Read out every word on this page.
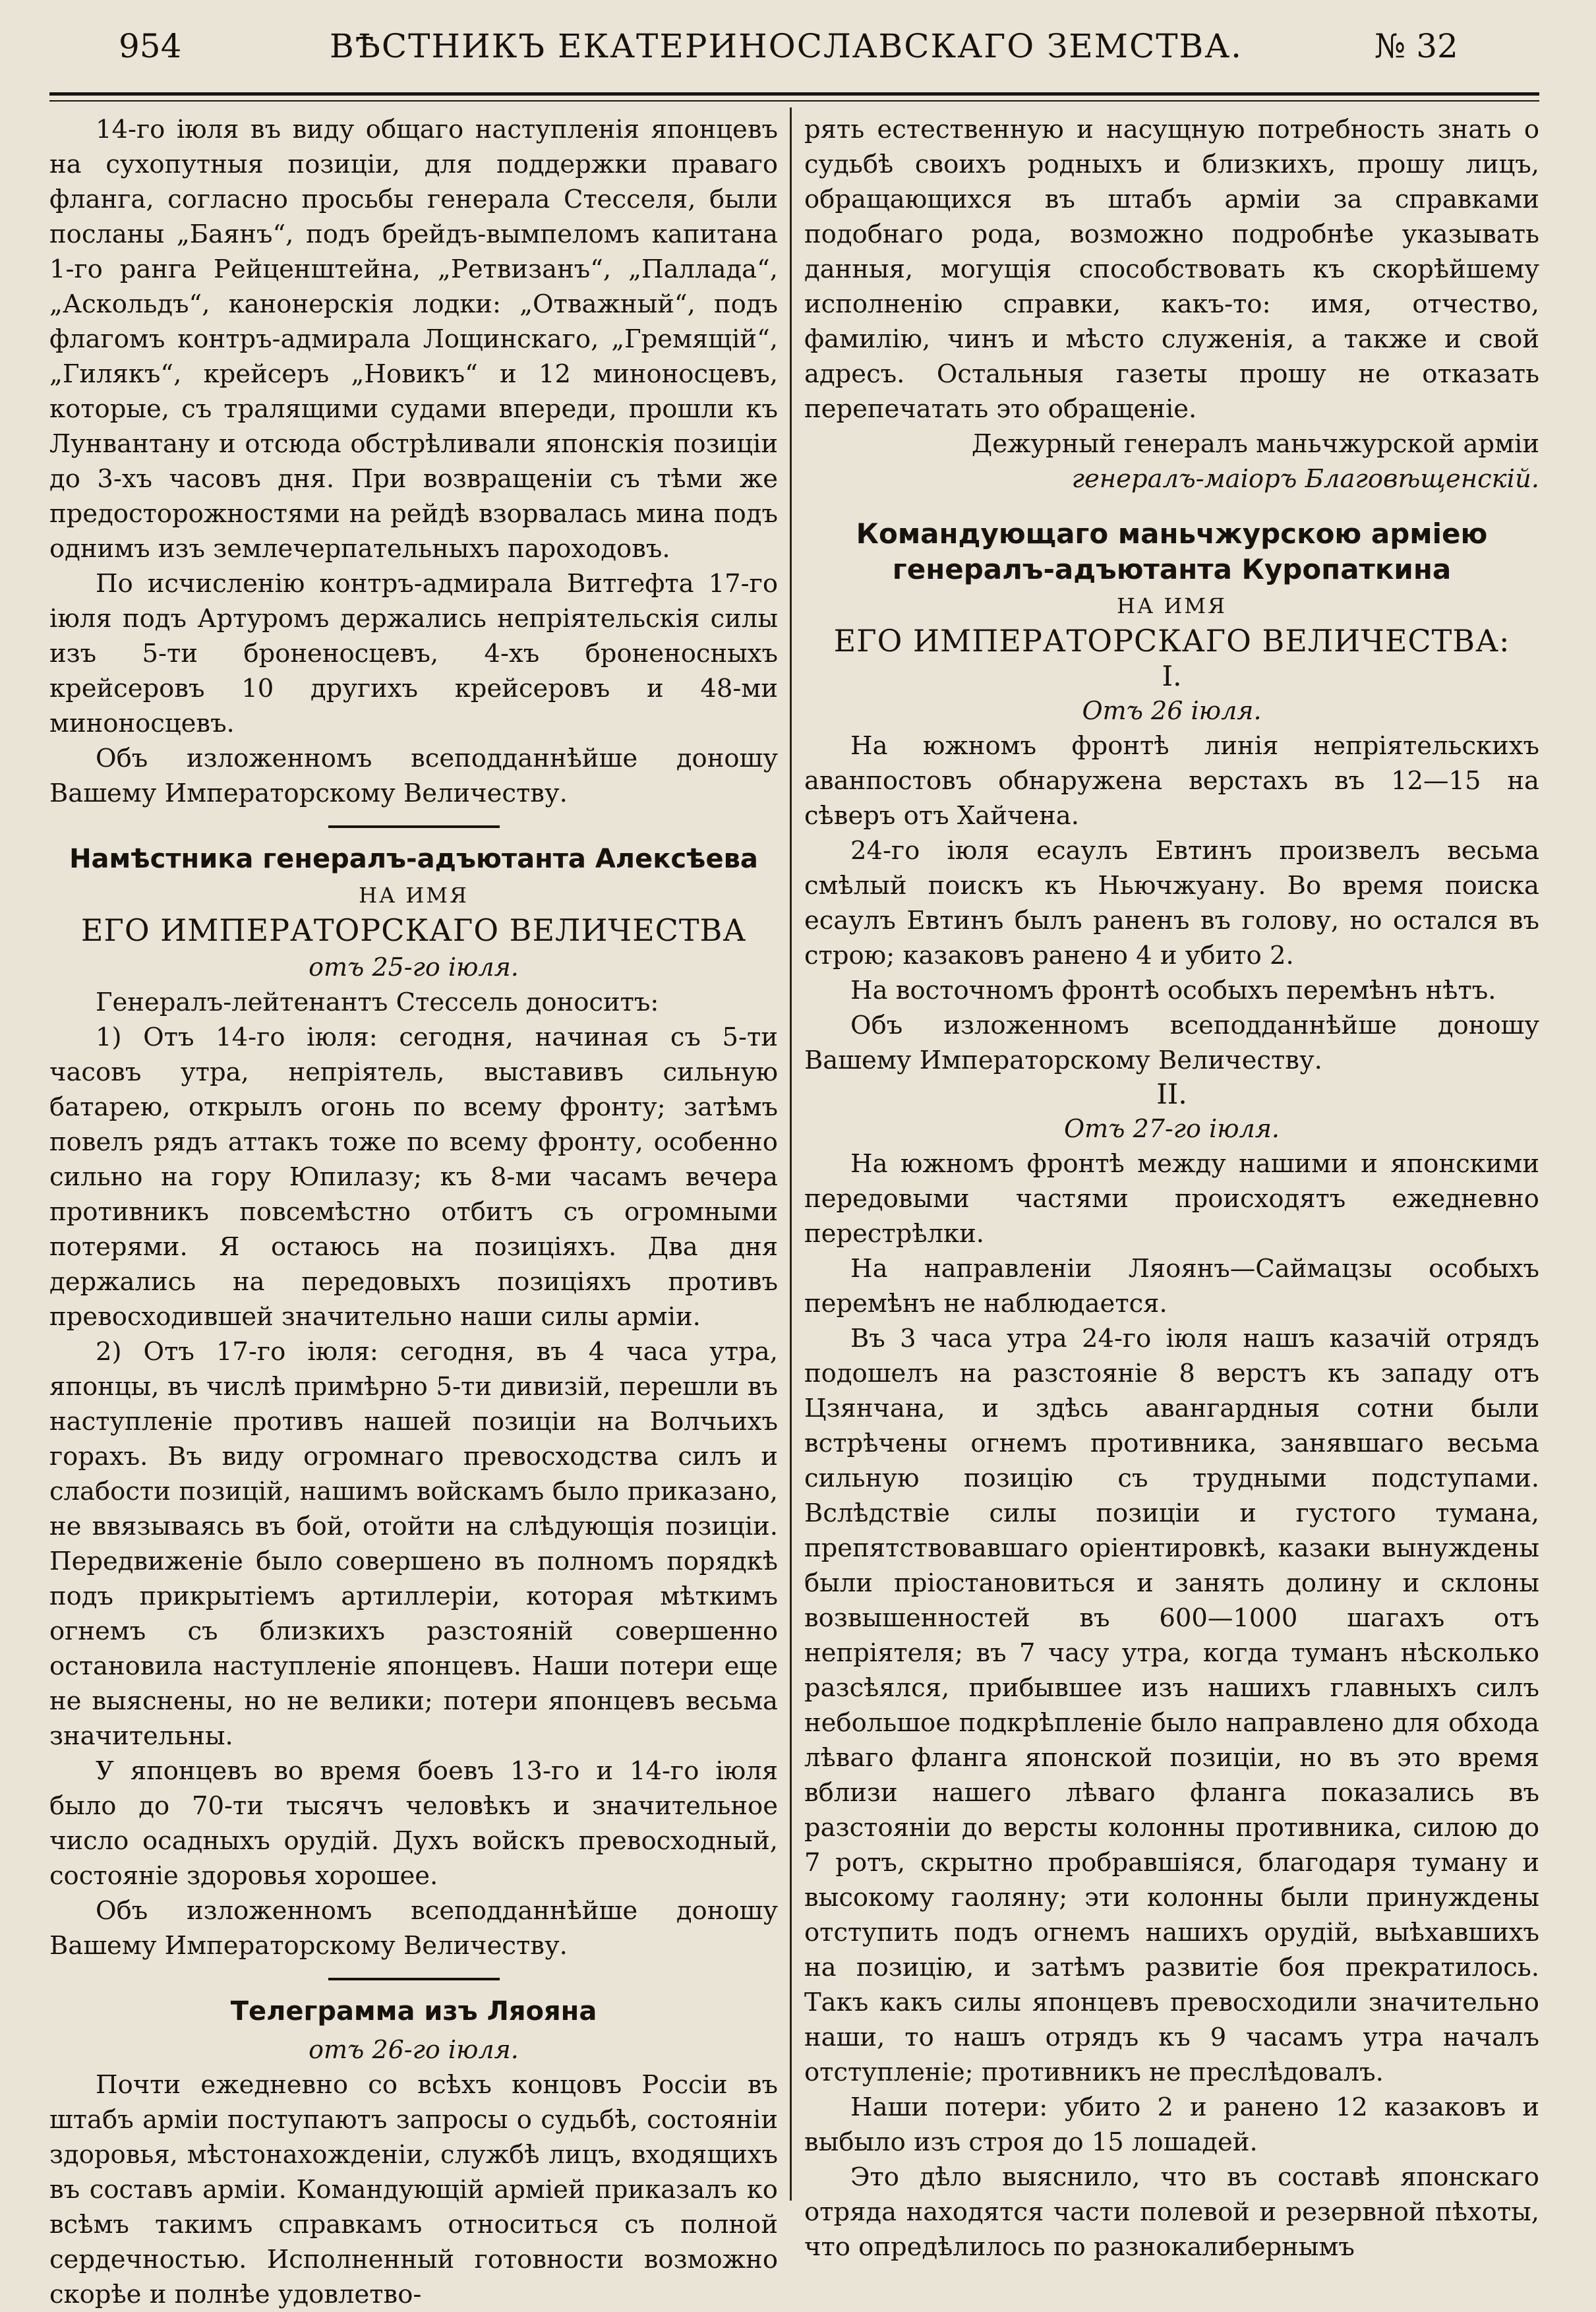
954	ВѢСТНИКЪ ЕКАТЕРИНОСЛАВСКАГО ЗЕМСТВА.	№ 32

14-го іюля въ виду общаго наступленія японцевъ на сухопутныя позиціи, для поддержки праваго фланга, согласно просьбы генерала Стесселя, были посланы „Баянъ“, подъ брейдъ-вымпеломъ капитана 1-го ранга Рейценштейна, „Ретвизанъ“, „Паллада“, „Аскольдъ“, канонерскія лодки: „Отважный“, подъ флагомъ контръ-адмирала Лощинскаго, „Гремящій“, „Гилякъ“, крейсеръ „Новикъ“ и 12 миноносцевъ, которые, съ тралящими судами впереди, прошли къ Лунвантану и отсюда обстрѣливали японскія позиціи до 3-хъ часовъ дня. При возвращеніи съ тѣми же предосторожностями на рейдѣ взорвалась мина подъ однимъ изъ землечерпательныхъ пароходовъ.

По исчисленію контръ-адмирала Витгефта 17-го іюля подъ Артуромъ держались непріятельскія силы изъ 5-ти броненосцевъ, 4-хъ броненосныхъ крейсеровъ 10 другихъ крейсеровъ и 48-ми миноносцевъ.

Объ изложенномъ всеподданнѣйше доношу Вашему Императорскому Величеству.

Намѣстника генералъ-адъютанта Алексѣева
НА ИМЯ
ЕГО ИМПЕРАТОРСКАГО ВЕЛИЧЕСТВА
отъ 25-го іюля.

Генералъ-лейтенантъ Стессель доноситъ:

1) Отъ 14-го іюля: сегодня, начиная съ 5-ти часовъ утра, непріятель, выставивъ сильную батарею, открылъ огонь по всему фронту; затѣмъ повелъ рядъ аттакъ тоже по всему фронту, особенно сильно на гору Юпилазу; къ 8-ми часамъ вечера противникъ повсемѣстно отбитъ съ огромными потерями. Я остаюсь на позиціяхъ. Два дня держались на передовыхъ позиціяхъ противъ превосходившей значительно наши силы арміи.

2) Отъ 17-го іюля: сегодня, въ 4 часа утра, японцы, въ числѣ примѣрно 5-ти дивизій, перешли въ наступленіе противъ нашей позиціи на Волчьихъ горахъ. Въ виду огромнаго превосходства силъ и слабости позицій, нашимъ войскамъ было приказано, не ввязываясь въ бой, отойти на слѣдующія позиціи. Передвиженіе было совершено въ полномъ порядкѣ подъ прикрытіемъ артиллеріи, которая мѣткимъ огнемъ съ близкихъ разстояній совершенно остановила наступленіе японцевъ. Наши потери еще не выяснены, но не велики; потери японцевъ весьма значительны.

У японцевъ во время боевъ 13-го и 14-го іюля было до 70-ти тысячъ человѣкъ и значительное число осадныхъ орудій. Духъ войскъ превосходный, состояніе здоровья хорошее.

Объ изложенномъ всеподданнѣйше доношу Вашему Императорскому Величеству.

Телеграмма изъ Ляояна
отъ 26-го іюля.

Почти ежедневно со всѣхъ концовъ Россіи въ штабъ арміи поступаютъ запросы о судьбѣ, состояніи здоровья, мѣстонахожденіи, службѣ лицъ, входящихъ въ составъ арміи. Командующій арміей приказалъ ко всѣмъ такимъ справкамъ относиться съ полной сердечностью. Исполненный готовности возможно скорѣе и полнѣе удовлетво-

рять естественную и насущную потребность знать о судьбѣ своихъ родныхъ и близкихъ, прошу лицъ, обращающихся въ штабъ арміи за справками подобнаго рода, возможно подробнѣе указывать данныя, могущія способствовать къ скорѣйшему исполненію справки, какъ-то: имя, отчество, фамилію, чинъ и мѣсто служенія, а также и свой адресъ. Остальныя газеты прошу не отказать перепечатать это обращеніе.

Дежурный генералъ маньчжурской арміи

генералъ-маіоръ Благовѣщенскій.

Командующаго маньчжурскою арміею генералъ-адъютанта Куропаткина
НА ИМЯ
ЕГО ИМПЕРАТОРСКАГО ВЕЛИЧЕСТВА:
I.
Отъ 26 іюля.

На южномъ фронтѣ линія непріятельскихъ аванпостовъ обнаружена верстахъ въ 12—15 на сѣверъ отъ Хайчена.

24-го іюля есаулъ Евтинъ произвелъ весьма смѣлый поискъ къ Ньючжуану. Во время поиска есаулъ Евтинъ былъ раненъ въ голову, но остался въ строю; казаковъ ранено 4 и убито 2.

На восточномъ фронтѣ особыхъ перемѣнъ нѣтъ.

Объ изложенномъ всеподданнѣйше доношу Вашему Императорскому Величеству.

II.
Отъ 27-го іюля.

На южномъ фронтѣ между нашими и японскими передовыми частями происходятъ ежедневно перестрѣлки.

На направленіи Ляоянъ—Саймацзы особыхъ перемѣнъ не наблюдается.

Въ 3 часа утра 24-го іюля нашъ казачій отрядъ подошелъ на разстояніе 8 верстъ къ западу отъ Цзянчана, и здѣсь авангардныя сотни были встрѣчены огнемъ противника, занявшаго весьма сильную позицію съ трудными подступами. Вслѣдствіе силы позиціи и густого тумана, препятствовавшаго оріентировкѣ, казаки вынуждены были пріостановиться и занять долину и склоны возвышенностей въ 600—1000 шагахъ отъ непріятеля; въ 7 часу утра, когда туманъ нѣсколько разсѣялся, прибывшее изъ нашихъ главныхъ силъ небольшое подкрѣпленіе было направлено для обхода лѣваго фланга японской позиціи, но въ это время вблизи нашего лѣваго фланга показались въ разстояніи до версты колонны противника, силою до 7 ротъ, скрытно пробравшіяся, благодаря туману и высокому гаоляну; эти колонны были принуждены отступить подъ огнемъ нашихъ орудій, выѣхавшихъ на позицію, и затѣмъ развитіе боя прекратилось. Такъ какъ силы японцевъ превосходили значительно наши, то нашъ отрядъ къ 9 часамъ утра началъ отступленіе; противникъ не преслѣдовалъ.

Наши потери: убито 2 и ранено 12 казаковъ и выбыло изъ строя до 15 лошадей.

Это дѣло выяснило, что въ составѣ японскаго отряда находятся части полевой и резервной пѣхоты, что опредѣлилось по разнокалибернымъ
